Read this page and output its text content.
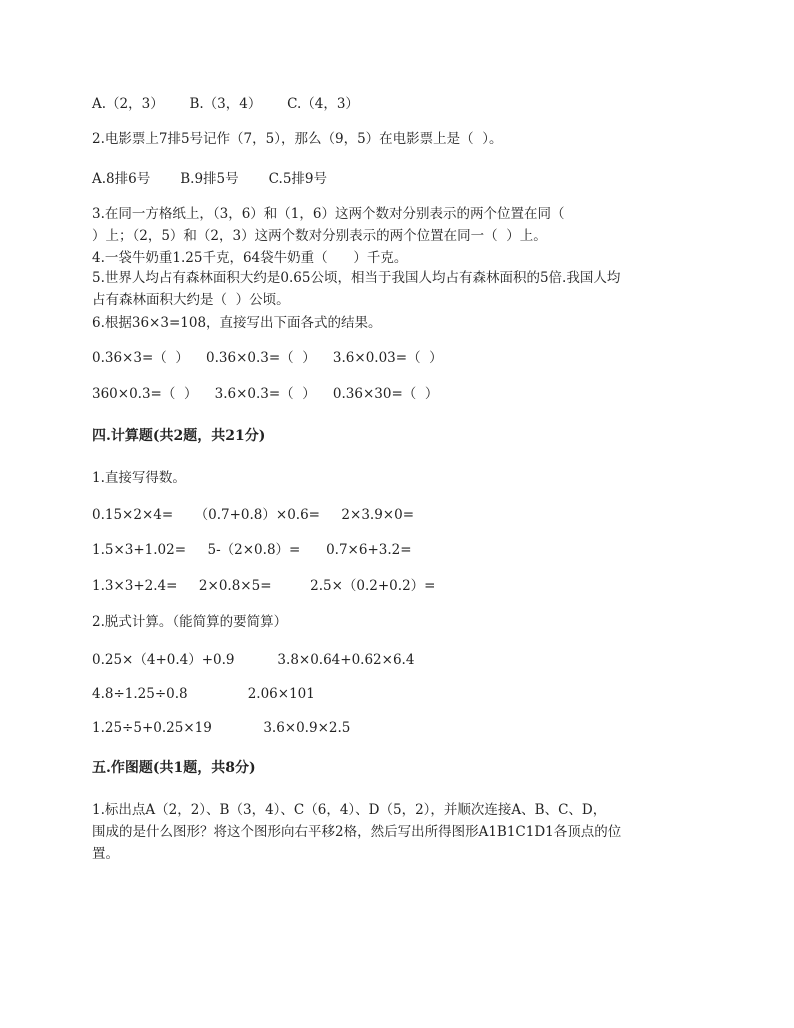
A.（2，3）      B.（3，4）      C.（4，3）
2.电影票上7排5号记作（7，5），那么（9，5）在电影票上是（  ）。
A.8排6号       B.9排5号       C.5排9号
3.在同一方格纸上，（3，6）和（1，6）这两个数对分别表示的两个位置在同（
）上；（2，5）和（2，3）这两个数对分别表示的两个位置在同一（  ）上。
4.一袋牛奶重1.25千克，64袋牛奶重（      ）千克。
5.世界人均占有森林面积大约是0.65公顷，相当于我国人均占有森林面积的5倍.我国人均
占有森林面积大约是（  ）公顷。
6.根据36×3=108，直接写出下面各式的结果。
0.36×3=（  ）    0.36×0.3=（  ）    3.6×0.03=（  ）
360×0.3=（  ）    3.6×0.3=（  ）    0.36×30=（  ）
四.计算题(共2题，共21分)
1.直接写得数。
0.15×2×4=     （0.7+0.8）×0.6=     2×3.9×0=
1.5×3+1.02=     5-（2×0.8）=      0.7×6+3.2=
1.3×3+2.4=     2×0.8×5=         2.5×（0.2+0.2）=
2.脱式计算。（能简算的要简算）
0.25×（4+0.4）+0.9          3.8×0.64+0.62×6.4
4.8÷1.25÷0.8              2.06×101
1.25÷5+0.25×19            3.6×0.9×2.5
五.作图题(共1题，共8分)
1.标出点A（2，2）、B（3，4）、C（6，4）、D（5，2），并顺次连接A、B、C、D，
围成的是什么图形？将这个图形向右平移2格，然后写出所得图形A1B1C1D1各顶点的位
置。
